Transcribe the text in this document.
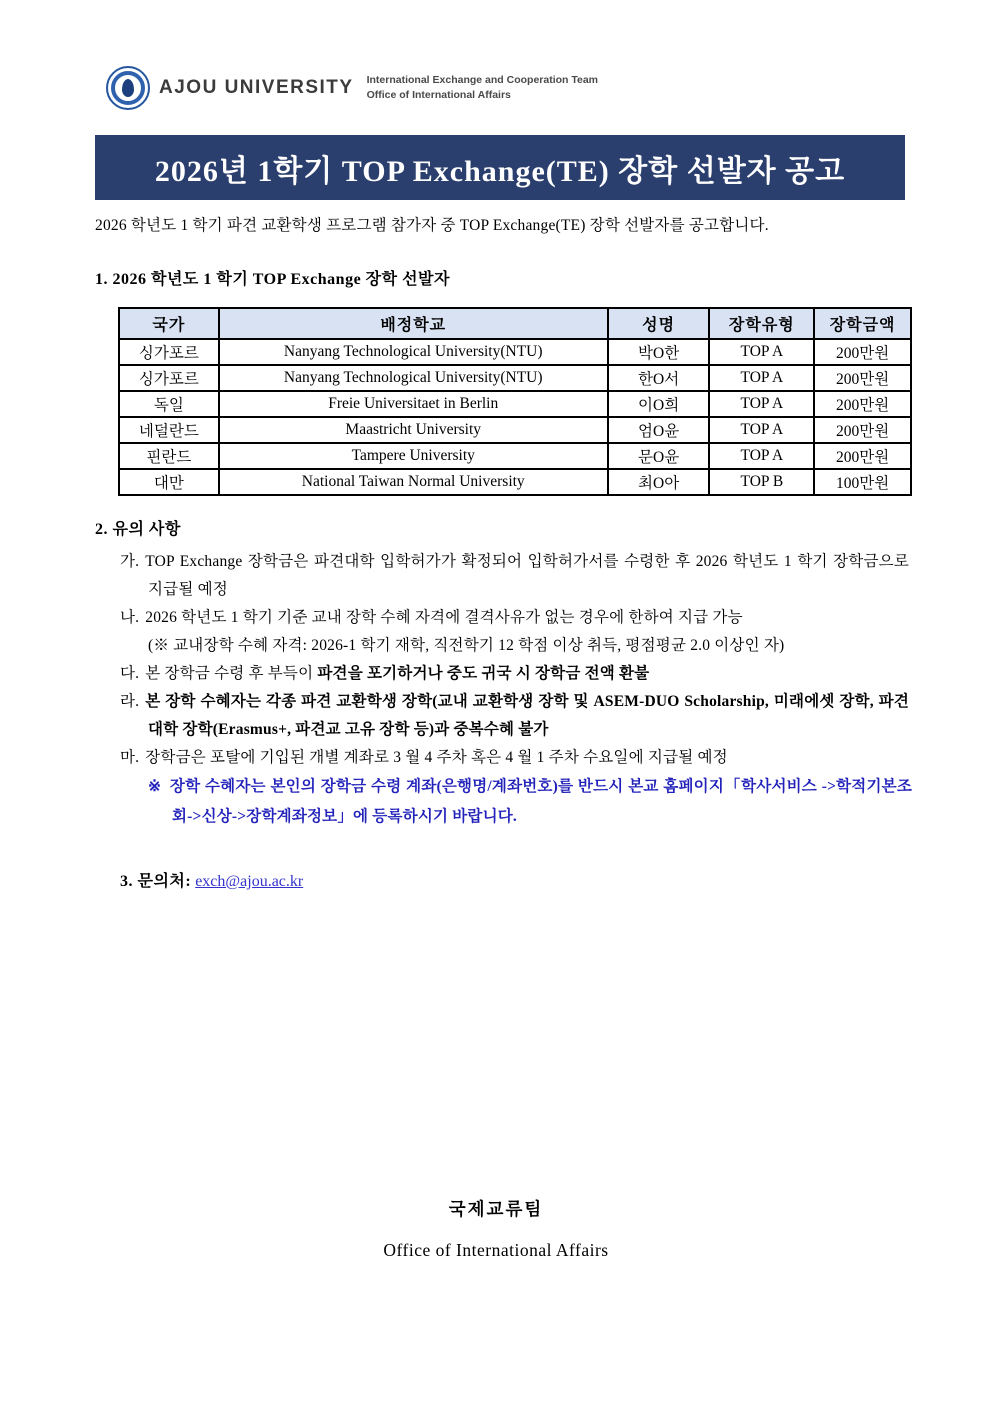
AJOU UNIVERSITY International Exchange and Cooperation Team
Office of International Affairs
2026년 1학기 TOP Exchange(TE) 장학 선발자 공고
2026 학년도 1 학기 파견 교환학생 프로그램 참가자 중 TOP Exchange(TE) 장학 선발자를 공고합니다.
1. 2026 학년도 1 학기 TOP Exchange 장학 선발자
국가	배정학교	성명	장학유형	장학금액
싱가포르	Nanyang Technological University(NTU)	박O한	TOP A	200만원
싱가포르	Nanyang Technological University(NTU)	한O서	TOP A	200만원
독일	Freie Universitaet in Berlin	이O희	TOP A	200만원
네덜란드	Maastricht University	엄O윤	TOP A	200만원
핀란드	Tampere University	문O윤	TOP A	200만원
대만	National Taiwan Normal University	최O아	TOP B	100만원
2. 유의 사항
가. TOP Exchange 장학금은 파견대학 입학허가가 확정되어 입학허가서를 수령한 후 2026 학년도 1 학기 장학금으로 지급될 예정
나. 2026 학년도 1 학기 기준 교내 장학 수혜 자격에 결격사유가 없는 경우에 한하여 지급 가능
(※ 교내장학 수혜 자격: 2026-1 학기 재학, 직전학기 12 학점 이상 취득, 평점평균 2.0 이상인 자)
다. 본 장학금 수령 후 부득이 파견을 포기하거나 중도 귀국 시 장학금 전액 환불
라. 본 장학 수혜자는 각종 파견 교환학생 장학(교내 교환학생 장학 및 ASEM-DUO Scholarship, 미래에셋 장학, 파견대학 장학(Erasmus+, 파견교 고유 장학 등)과 중복수혜 불가
마. 장학금은 포탈에 기입된 개별 계좌로 3 월 4 주차 혹은 4 월 1 주차 수요일에 지급될 예정
※ 장학 수혜자는 본인의 장학금 수령 계좌(은행명/계좌번호)를 반드시 본교 홈페이지「학사서비스 ->학적기본조회->신상->장학계좌정보」에 등록하시기 바랍니다.
3. 문의처: exch@ajou.ac.kr
국제교류팀
Office of International Affairs
